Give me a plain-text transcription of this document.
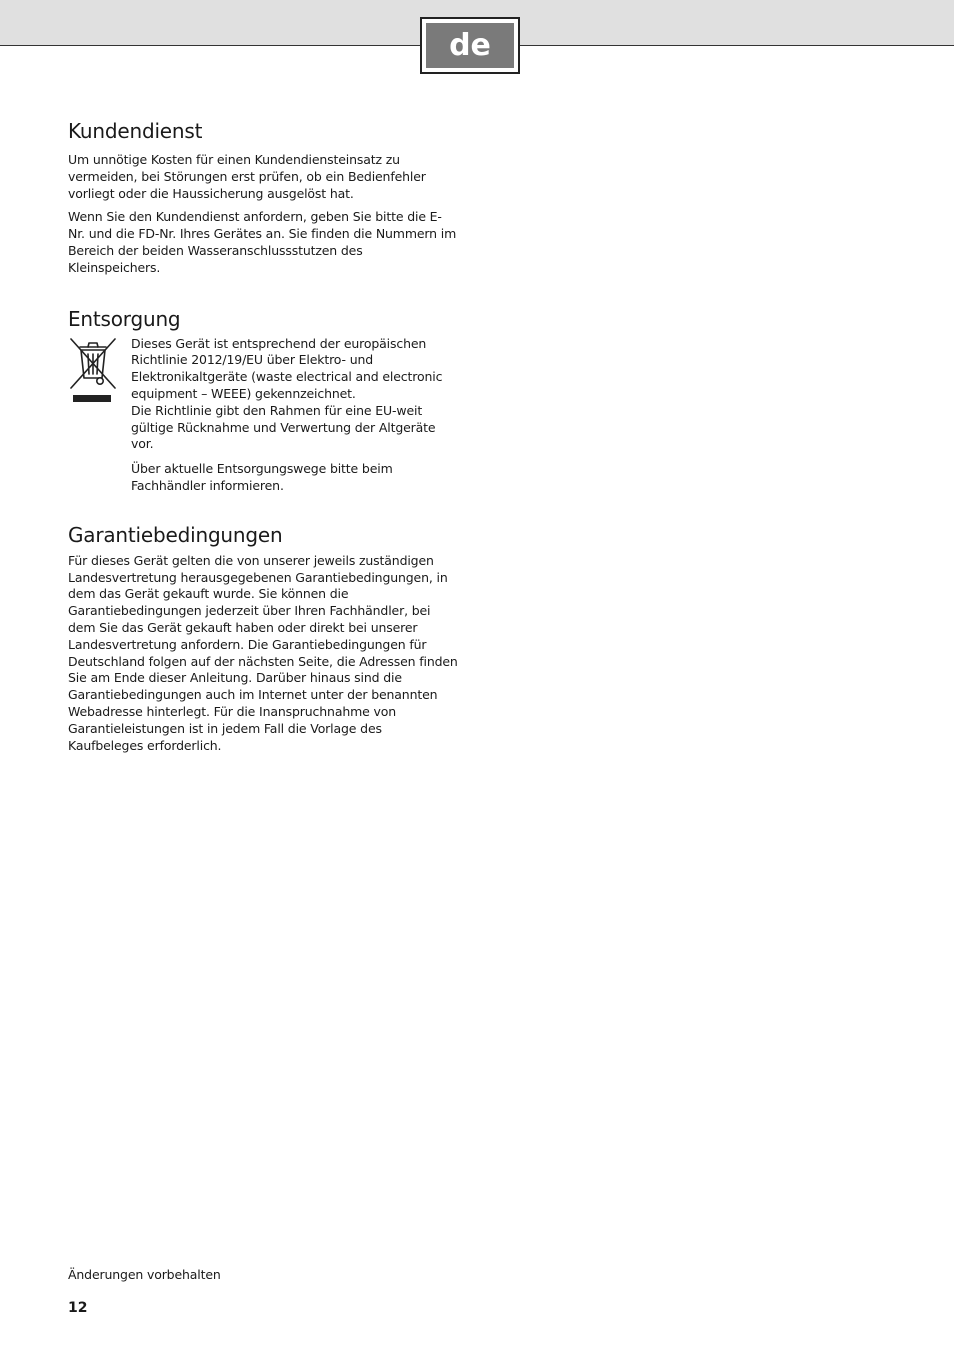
de
Kundendienst

Um unnötige Kosten für einen Kundendiensteinsatz zu vermeiden, bei Störungen erst prüfen, ob ein Bedienfehler vorliegt oder die Haussicherung ausgelöst hat.

Wenn Sie den Kundendienst anfordern, geben Sie bitte die E-Nr. und die FD-Nr. Ihres Gerätes an. Sie finden die Nummern im Bereich der beiden Wasseranschlussstutzen des Kleinspeichers.

Entsorgung

Dieses Gerät ist entsprechend der europäischen Richtlinie 2012/19/EU über Elektro- und Elektronikaltgeräte (waste electrical and electronic equipment – WEEE) gekennzeichnet.

Die Richtlinie gibt den Rahmen für eine EU-weit gültige Rücknahme und Verwertung der Altgeräte vor.

Über aktuelle Entsorgungswege bitte beim Fachhändler informieren.

Garantiebedingungen

Für dieses Gerät gelten die von unserer jeweils zuständigen Landesvertretung herausgegebenen Garantiebedingungen, in dem das Gerät gekauft wurde. Sie können die Garantiebedingungen jederzeit über Ihren Fachhändler, bei dem Sie das Gerät gekauft haben oder direkt bei unserer Landesvertretung anfordern. Die Garantiebedingungen für Deutschland folgen auf der nächsten Seite, die Adressen finden Sie am Ende dieser Anleitung. Darüber hinaus sind die Garantiebedingungen auch im Internet unter der benannten Webadresse hinterlegt. Für die Inanspruchnahme von Garantieleistungen ist in jedem Fall die Vorlage des Kaufbeleges erforderlich.

Änderungen vorbehalten
12
